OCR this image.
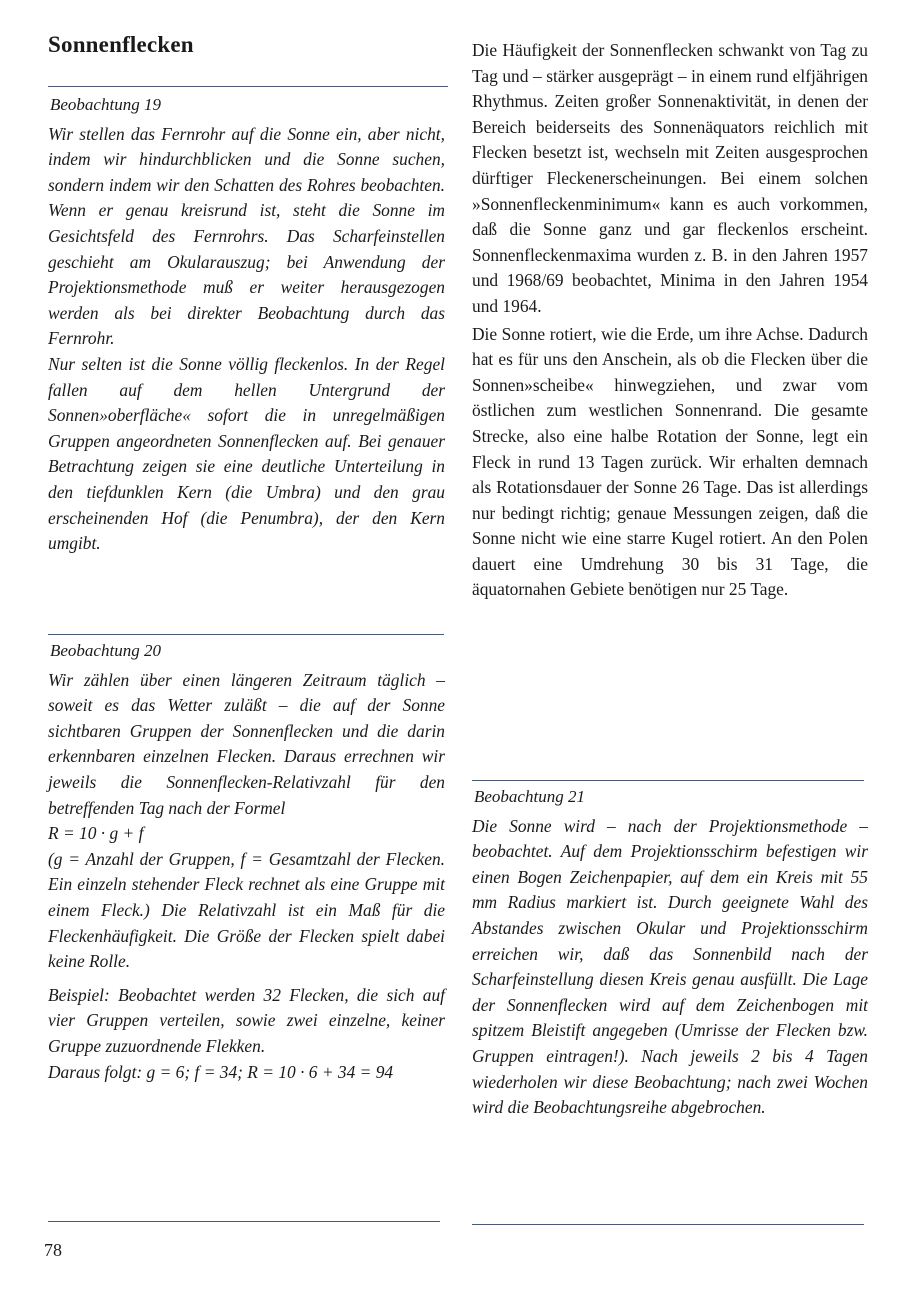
Sonnenflecken

Beobachtung 19

Wir stellen das Fernrohr auf die Sonne ein, aber nicht, indem wir hindurchblicken und die Sonne suchen, sondern indem wir den Schatten des Rohres beobachten. Wenn er genau kreisrund ist, steht die Sonne im Gesichtsfeld des Fernrohrs. Das Scharfeinstellen geschieht am Okularauszug; bei Anwendung der Projektionsmethode muß er weiter herausgezogen werden als bei direkter Beobachtung durch das Fernrohr.

Nur selten ist die Sonne völlig fleckenlos. In der Regel fallen auf dem hellen Untergrund der Sonnen»oberfläche« sofort die in unregelmäßigen Gruppen angeordneten Sonnenflecken auf. Bei genauer Betrachtung zeigen sie eine deutliche Unterteilung in den tiefdunklen Kern (die Umbra) und den grau erscheinenden Hof (die Penumbra), der den Kern umgibt.

Beobachtung 20

Wir zählen über einen längeren Zeitraum täglich – soweit es das Wetter zuläßt – die auf der Sonne sichtbaren Gruppen der Sonnenflecken und die darin erkennbaren einzelnen Flecken. Daraus errechnen wir jeweils die Sonnenflecken-Relativzahl für den betreffenden Tag nach der Formel

R = 10 · g + f

(g = Anzahl der Gruppen, f = Gesamtzahl der Flecken. Ein einzeln stehender Fleck rechnet als eine Gruppe mit einem Fleck.) Die Relativzahl ist ein Maß für die Fleckenhäufigkeit. Die Größe der Flecken spielt dabei keine Rolle.

Beispiel: Beobachtet werden 32 Flecken, die sich auf vier Gruppen verteilen, sowie zwei einzelne, keiner Gruppe zuzuordnende Flekken.

Daraus folgt: g = 6; f = 34; R = 10 · 6 + 34 = 94

Die Häufigkeit der Sonnenflecken schwankt von Tag zu Tag und – stärker ausgeprägt – in einem rund elfjährigen Rhythmus. Zeiten großer Sonnenaktivität, in denen der Bereich beiderseits des Sonnenäquators reichlich mit Flecken besetzt ist, wechseln mit Zeiten ausgesprochen dürftiger Fleckenerscheinungen. Bei einem solchen »Sonnenfleckenminimum« kann es auch vorkommen, daß die Sonne ganz und gar fleckenlos erscheint. Sonnenfleckenmaxima wurden z. B. in den Jahren 1957 und 1968/69 beobachtet, Minima in den Jahren 1954 und 1964.

Die Sonne rotiert, wie die Erde, um ihre Achse. Dadurch hat es für uns den Anschein, als ob die Flecken über die Sonnen»scheibe« hinwegziehen, und zwar vom östlichen zum westlichen Sonnenrand. Die gesamte Strecke, also eine halbe Rotation der Sonne, legt ein Fleck in rund 13 Tagen zurück. Wir erhalten demnach als Rotationsdauer der Sonne 26 Tage. Das ist allerdings nur bedingt richtig; genaue Messungen zeigen, daß die Sonne nicht wie eine starre Kugel rotiert. An den Polen dauert eine Umdrehung 30 bis 31 Tage, die äquatornahen Gebiete benötigen nur 25 Tage.

Beobachtung 21

Die Sonne wird – nach der Projektionsmethode – beobachtet. Auf dem Projektionsschirm befestigen wir einen Bogen Zeichenpapier, auf dem ein Kreis mit 55 mm Radius markiert ist. Durch geeignete Wahl des Abstandes zwischen Okular und Projektionsschirm erreichen wir, daß das Sonnenbild nach der Scharfeinstellung diesen Kreis genau ausfüllt. Die Lage der Sonnenflecken wird auf dem Zeichenbogen mit spitzem Bleistift angegeben (Umrisse der Flecken bzw. Gruppen eintragen!). Nach jeweils 2 bis 4 Tagen wiederholen wir diese Beobachtung; nach zwei Wochen wird die Beobachtungsreihe abgebrochen.

78
